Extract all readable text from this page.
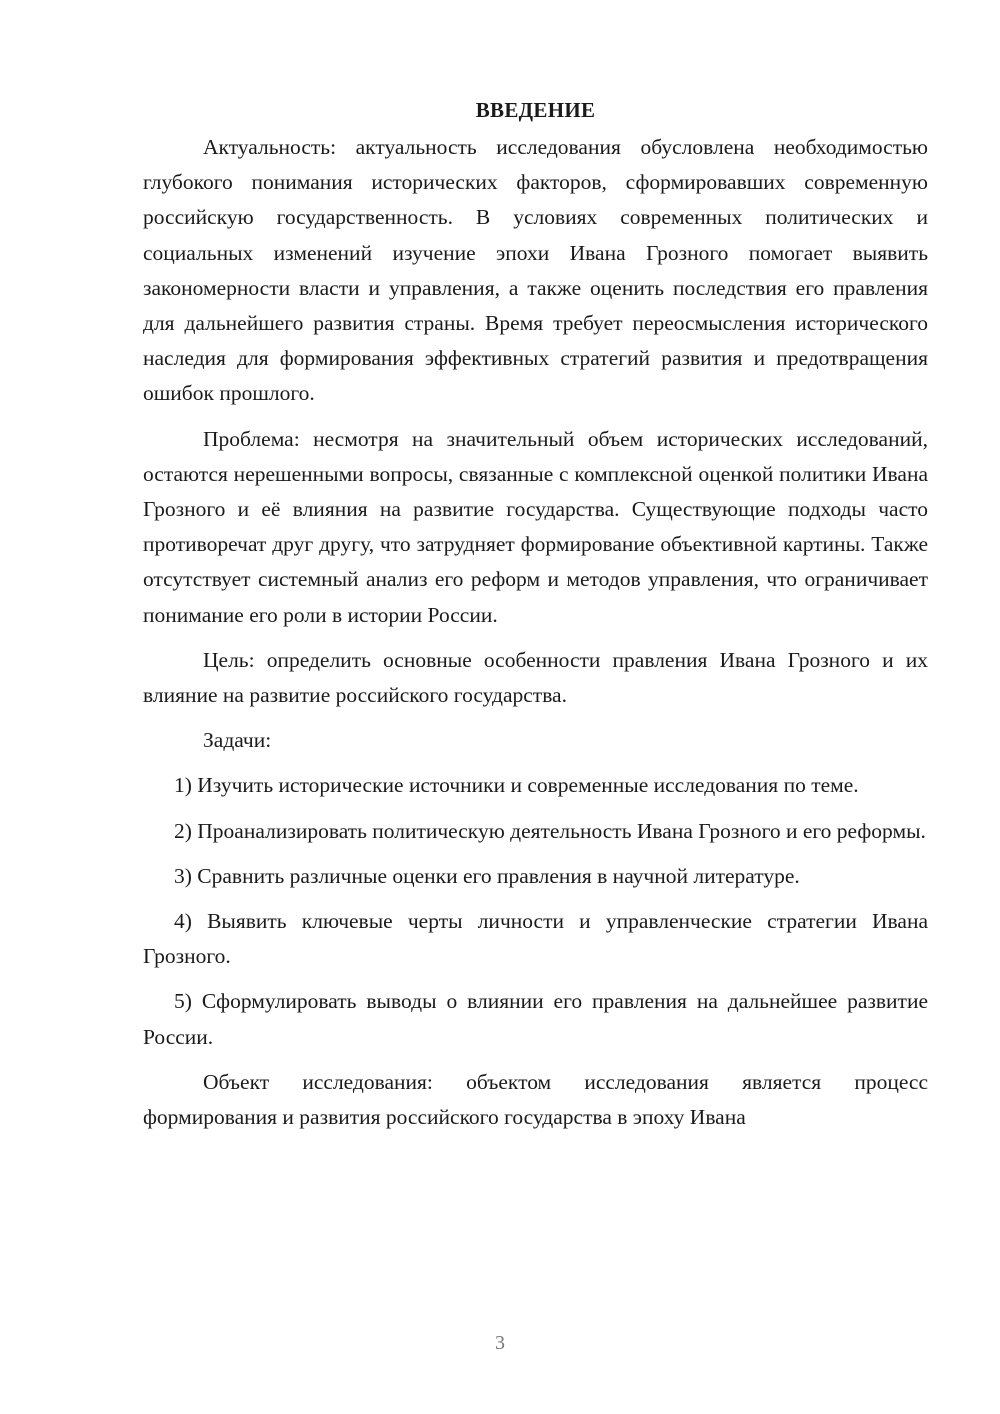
ВВЕДЕНИЕ

Актуальность: актуальность исследования обусловлена необходимостью глубокого понимания исторических факторов, сформировавших современную российскую государственность. В условиях современных политических и социальных изменений изучение эпохи Ивана Грозного помогает выявить закономерности власти и управления, а также оценить последствия его правления для дальнейшего развития страны. Время требует переосмысления исторического наследия для формирования эффективных стратегий развития и предотвращения ошибок прошлого.

Проблема: несмотря на значительный объем исторических исследований, остаются нерешенными вопросы, связанные с комплексной оценкой политики Ивана Грозного и её влияния на развитие государства. Существующие подходы часто противоречат друг другу, что затрудняет формирование объективной картины. Также отсутствует системный анализ его реформ и методов управления, что ограничивает понимание его роли в истории России.

Цель: определить основные особенности правления Ивана Грозного и их влияние на развитие российского государства.

Задачи:

1) Изучить исторические источники и современные исследования по теме.

2) Проанализировать политическую деятельность Ивана Грозного и его реформы.

3) Сравнить различные оценки его правления в научной литературе.

4) Выявить ключевые черты личности и управленческие стратегии Ивана Грозного.

5) Сформулировать выводы о влиянии его правления на дальнейшее развитие России.

Объект исследования: объектом исследования является процесс формирования и развития российского государства в эпоху Ивана

3
